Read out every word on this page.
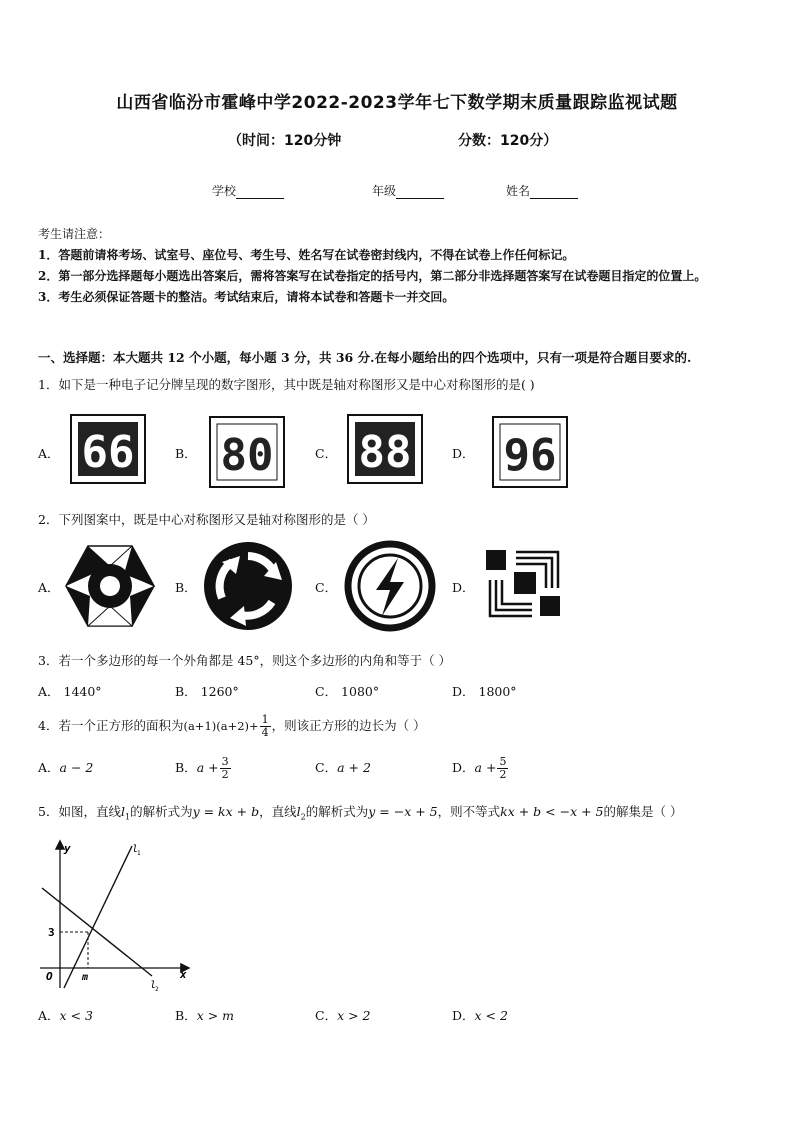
山西省临汾市霍峰中学2022-2023学年七下数学期末质量跟踪监视试题
（时间：120分钟	分数：120分）
学校	年级	姓名
考生请注意：
1．答题前请将考场、试室号、座位号、考生号、姓名写在试卷密封线内，不得在试卷上作任何标记。
2．第一部分选择题每小题选出答案后，需将答案写在试卷指定的括号内，第二部分非选择题答案写在试卷题目指定的位置上。
3．考生必须保证答题卡的整洁。考试结束后，请将本试卷和答题卡一并交回。
一、选择题：本大题共 12 个小题，每小题 3 分，共 36 分.在每小题给出的四个选项中，只有一项是符合题目要求的.
1．如下是一种电子记分牌呈现的数字图形，其中既是轴对称图形又是中心对称图形的是( )
A． 66	B． 80	C． 88	D． 96
2．下列图案中，既是中心对称图形又是轴对称图形的是（ ）
A．	B．	C．	D．
3．若一个多边形的每一个外角都是 45°，则这个多边形的内角和等于（ ）
A． 1440°	B． 1260°	C． 1080°	D． 1800°
4．若一个正方形的面积为$(a+1)(a+2)+ \frac{1}{4}$ ，则该正方形的边长为（ ）
A．a − 2	B．$a + \frac{3}{2}$	C．a + 2	D．$a + \frac{5}{2}$
5．如图，直线$l_1$的解析式为y = kx + b，直线$l_2$的解析式为y = −x + 5，则不等式kx + b < −x + 5的解集是（ ）
y
x
O
3
m
l
1
l
2
A．x < 3	B．x > m	C．x > 2	D．x < 2
